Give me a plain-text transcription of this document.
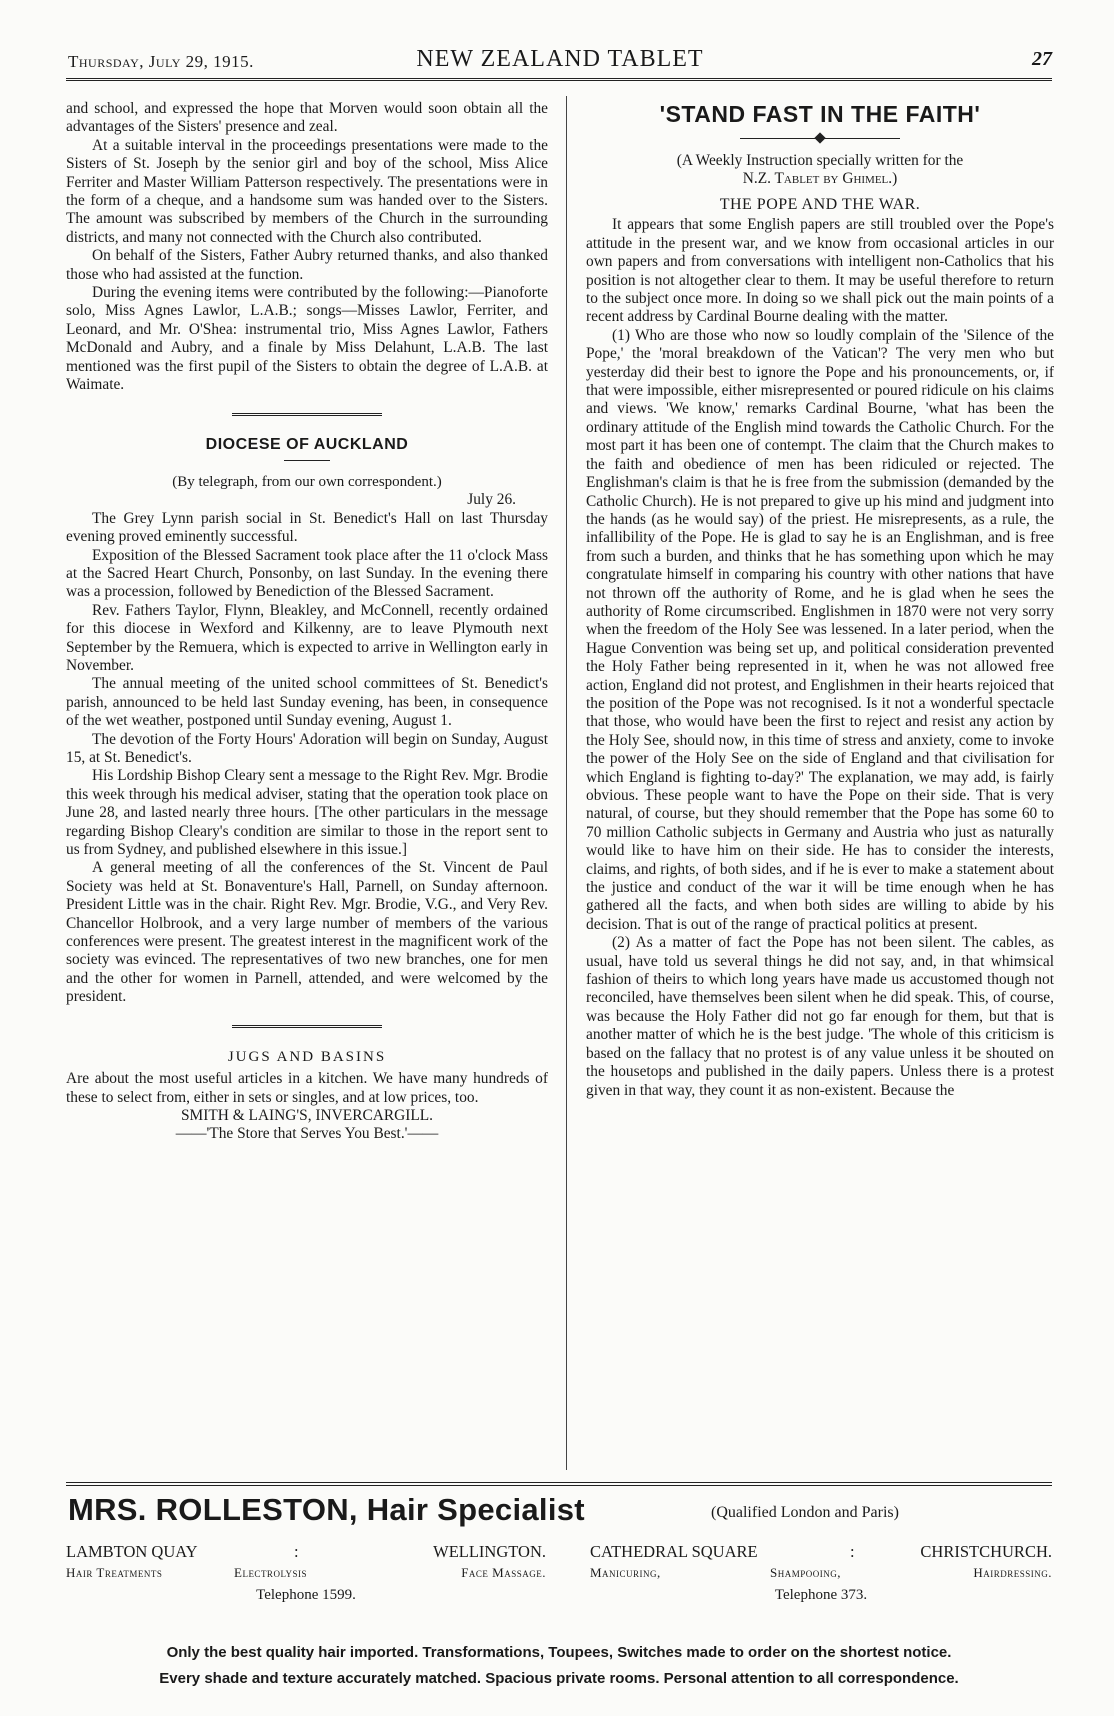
Thursday, July 29, 1915.	NEW ZEALAND TABLET	27

and school, and expressed the hope that Morven would soon obtain all the advantages of the Sisters' presence and zeal.

At a suitable interval in the proceedings presentations were made to the Sisters of St. Joseph by the senior girl and boy of the school, Miss Alice Ferriter and Master William Patterson respectively. The presentations were in the form of a cheque, and a handsome sum was handed over to the Sisters. The amount was subscribed by members of the Church in the surrounding districts, and many not connected with the Church also contributed.

On behalf of the Sisters, Father Aubry returned thanks, and also thanked those who had assisted at the function.

During the evening items were contributed by the following:—Pianoforte solo, Miss Agnes Lawlor, L.A.B.; songs—Misses Lawlor, Ferriter, and Leonard, and Mr. O'Shea: instrumental trio, Miss Agnes Lawlor, Fathers McDonald and Aubry, and a finale by Miss Delahunt, L.A.B. The last mentioned was the first pupil of the Sisters to obtain the degree of L.A.B. at Waimate.

DIOCESE OF AUCKLAND
(By telegraph, from our own correspondent.)
July 26.

The Grey Lynn parish social in St. Benedict's Hall on last Thursday evening proved eminently successful.

Exposition of the Blessed Sacrament took place after the 11 o'clock Mass at the Sacred Heart Church, Ponsonby, on last Sunday. In the evening there was a procession, followed by Benediction of the Blessed Sacrament.

Rev. Fathers Taylor, Flynn, Bleakley, and McConnell, recently ordained for this diocese in Wexford and Kilkenny, are to leave Plymouth next September by the Remuera, which is expected to arrive in Wellington early in November.

The annual meeting of the united school committees of St. Benedict's parish, announced to be held last Sunday evening, has been, in consequence of the wet weather, postponed until Sunday evening, August 1.

The devotion of the Forty Hours' Adoration will begin on Sunday, August 15, at St. Benedict's.

His Lordship Bishop Cleary sent a message to the Right Rev. Mgr. Brodie this week through his medical adviser, stating that the operation took place on June 28, and lasted nearly three hours. [The other particulars in the message regarding Bishop Cleary's condition are similar to those in the report sent to us from Sydney, and published elsewhere in this issue.]

A general meeting of all the conferences of the St. Vincent de Paul Society was held at St. Bonaventure's Hall, Parnell, on Sunday afternoon. President Little was in the chair. Right Rev. Mgr. Brodie, V.G., and Very Rev. Chancellor Holbrook, and a very large number of members of the various conferences were present. The greatest interest in the magnificent work of the society was evinced. The representatives of two new branches, one for men and the other for women in Parnell, attended, and were welcomed by the president.

JUGS AND BASINS

Are about the most useful articles in a kitchen. We have many hundreds of these to select from, either in sets or singles, and at low prices, too.

SMITH & LAING'S, INVERCARGILL.

——'The Store that Serves You Best.'——

'STAND FAST IN THE FAITH'
(A Weekly Instruction specially written for the
N.Z. Tablet by Ghimel.)
THE POPE AND THE WAR.

It appears that some English papers are still troubled over the Pope's attitude in the present war, and we know from occasional articles in our own papers and from conversations with intelligent non-Catholics that his position is not altogether clear to them. It may be useful therefore to return to the subject once more. In doing so we shall pick out the main points of a recent address by Cardinal Bourne dealing with the matter.

(1) Who are those who now so loudly complain of the 'Silence of the Pope,' the 'moral breakdown of the Vatican'? The very men who but yesterday did their best to ignore the Pope and his pronouncements, or, if that were impossible, either misrepresented or poured ridicule on his claims and views. 'We know,' remarks Cardinal Bourne, 'what has been the ordinary attitude of the English mind towards the Catholic Church. For the most part it has been one of contempt. The claim that the Church makes to the faith and obedience of men has been ridiculed or rejected. The Englishman's claim is that he is free from the submission (demanded by the Catholic Church). He is not prepared to give up his mind and judgment into the hands (as he would say) of the priest. He misrepresents, as a rule, the infallibility of the Pope. He is glad to say he is an Englishman, and is free from such a burden, and thinks that he has something upon which he may congratulate himself in comparing his country with other nations that have not thrown off the authority of Rome, and he is glad when he sees the authority of Rome circumscribed. Englishmen in 1870 were not very sorry when the freedom of the Holy See was lessened. In a later period, when the Hague Convention was being set up, and political consideration prevented the Holy Father being represented in it, when he was not allowed free action, England did not protest, and Englishmen in their hearts rejoiced that the position of the Pope was not recognised. Is it not a wonderful spectacle that those, who would have been the first to reject and resist any action by the Holy See, should now, in this time of stress and anxiety, come to invoke the power of the Holy See on the side of England and that civilisation for which England is fighting to-day?' The explanation, we may add, is fairly obvious. These people want to have the Pope on their side. That is very natural, of course, but they should remember that the Pope has some 60 to 70 million Catholic subjects in Germany and Austria who just as naturally would like to have him on their side. He has to consider the interests, claims, and rights, of both sides, and if he is ever to make a statement about the justice and conduct of the war it will be time enough when he has gathered all the facts, and when both sides are willing to abide by his decision. That is out of the range of practical politics at present.

(2) As a matter of fact the Pope has not been silent. The cables, as usual, have told us several things he did not say, and, in that whimsical fashion of theirs to which long years have made us accustomed though not reconciled, have themselves been silent when he did speak. This, of course, was because the Holy Father did not go far enough for them, but that is another matter of which he is the best judge. 'The whole of this criticism is based on the fallacy that no protest is of any value unless it be shouted on the housetops and published in the daily papers. Unless there is a protest given in that way, they count it as non-existent. Because the

MRS. ROLLESTON, Hair Specialist	(Qualified London and Paris)
LAMBTON QUAY	:	WELLINGTON.
Hair Treatments	Electrolysis	Face Massage.
Telephone 1599.
CATHEDRAL SQUARE	:	CHRISTCHURCH.
Manicuring,	Shampooing,	Hairdressing.
Telephone 373.
Only the best quality hair imported. Transformations, Toupees, Switches made to order on the shortest notice.
Every shade and texture accurately matched. Spacious private rooms. Personal attention to all correspondence.
